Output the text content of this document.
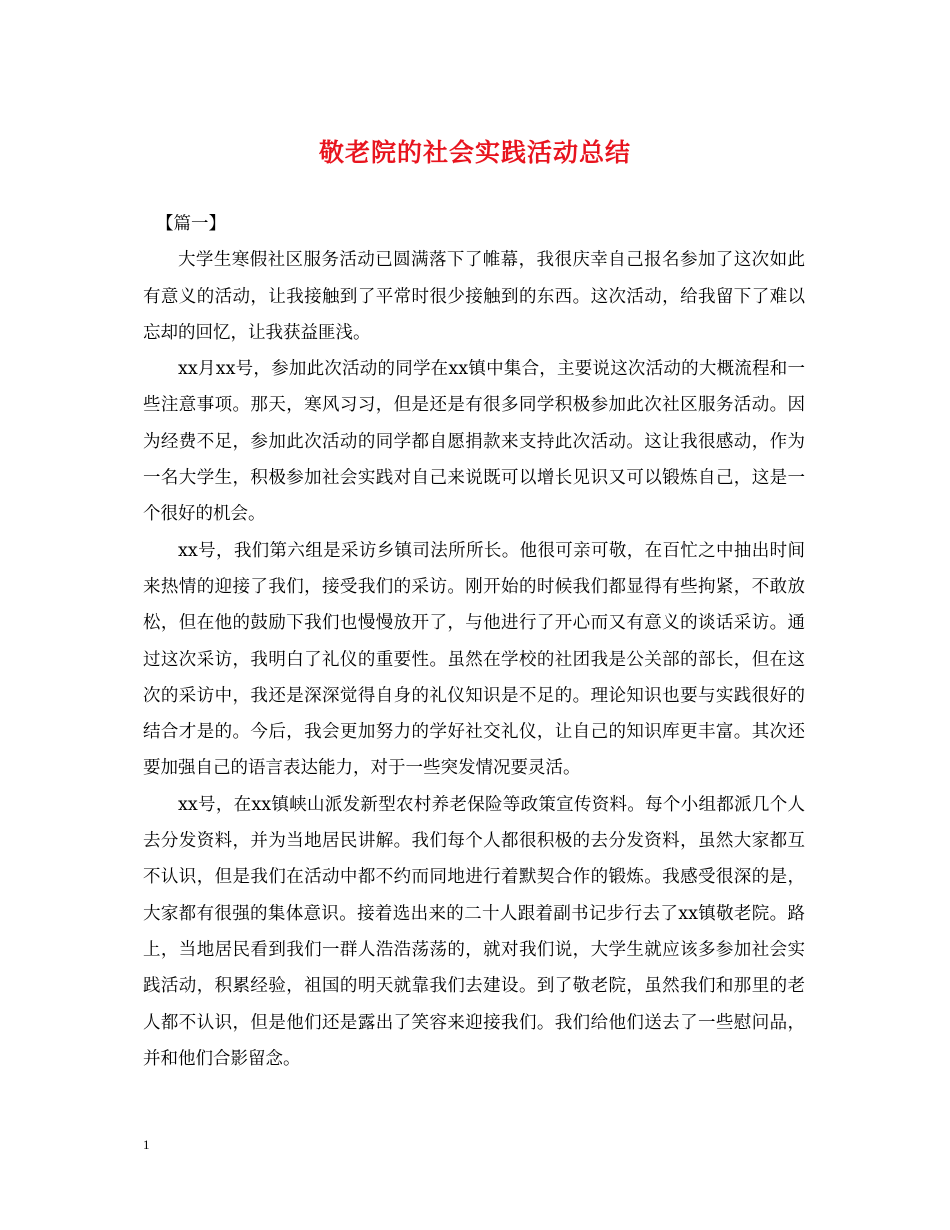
敬老院的社会实践活动总结

【篇一】

大学生寒假社区服务活动已圆满落下了帷幕，我很庆幸自己报名参加了这次如此有意义的活动，让我接触到了平常时很少接触到的东西。这次活动，给我留下了难以忘却的回忆，让我获益匪浅。

xx月xx号，参加此次活动的同学在xx镇中集合，主要说这次活动的大概流程和一些注意事项。那天，寒风习习，但是还是有很多同学积极参加此次社区服务活动。因为经费不足，参加此次活动的同学都自愿捐款来支持此次活动。这让我很感动，作为一名大学生，积极参加社会实践对自己来说既可以增长见识又可以锻炼自己，这是一个很好的机会。

xx号，我们第六组是采访乡镇司法所所长。他很可亲可敬，在百忙之中抽出时间来热情的迎接了我们，接受我们的采访。刚开始的时候我们都显得有些拘紧，不敢放松，但在他的鼓励下我们也慢慢放开了，与他进行了开心而又有意义的谈话采访。通过这次采访，我明白了礼仪的重要性。虽然在学校的社团我是公关部的部长，但在这次的采访中，我还是深深觉得自身的礼仪知识是不足的。理论知识也要与实践很好的结合才是的。今后，我会更加努力的学好社交礼仪，让自己的知识库更丰富。其次还要加强自己的语言表达能力，对于一些突发情况要灵活。

xx号，在xx镇峡山派发新型农村养老保险等政策宣传资料。每个小组都派几个人去分发资料，并为当地居民讲解。我们每个人都很积极的去分发资料，虽然大家都互不认识，但是我们在活动中都不约而同地进行着默契合作的锻炼。我感受很深的是，大家都有很强的集体意识。接着选出来的二十人跟着副书记步行去了xx镇敬老院。路上，当地居民看到我们一群人浩浩荡荡的，就对我们说，大学生就应该多参加社会实践活动，积累经验，祖国的明天就靠我们去建设。到了敬老院，虽然我们和那里的老人都不认识，但是他们还是露出了笑容来迎接我们。我们给他们送去了一些慰问品，并和他们合影留念。

1
